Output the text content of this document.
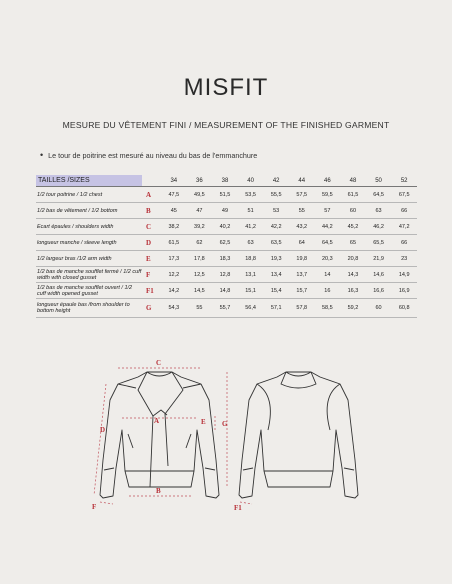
MISFIT
MESURE DU VÊTEMENT FINI / MEASUREMENT OF THE FINISHED GARMENT
• Le tour de poitrine est mesuré au niveau du bas de l'emmanchure
TAILLES /SIZES		34	36	38	40	42	44	46	48	50	52
1/2 tour poitrine / 1/2 chest	A	47,5	49,5	51,5	53,5	55,5	57,5	59,5	61,5	64,5	67,5
1/2 bas de vêtement / 1/2 bottom	B	45	47	49	51	53	55	57	60	63	66
Ecart épaules / shoulders width	C	38,2	39,2	40,2	41,2	42,2	43,2	44,2	45,2	46,2	47,2
longueur manche / sleeve length	D	61,5	62	62,5	63	63,5	64	64,5	65	65,5	66
1/2 largeur bras /1/2 arm width	E	17,3	17,8	18,3	18,8	19,3	19,8	20,3	20,8	21,9	23
1/2 bas de manche soufflet fermé / 1/2 cuff width with closed gusset	F	12,2	12,5	12,8	13,1	13,4	13,7	14	14,3	14,6	14,9
1/2 bas de manche soufflet ouvert / 1/2 cuff width opened gusset	F1	14,2	14,5	14,8	15,1	15,4	15,7	16	16,3	16,6	16,9
longueur épaule bas /from shoulder to bottom height	G	54,3	55	55,7	56,4	57,1	57,8	58,5	59,2	60	60,8
C
A
B
D
E G
F	F1
